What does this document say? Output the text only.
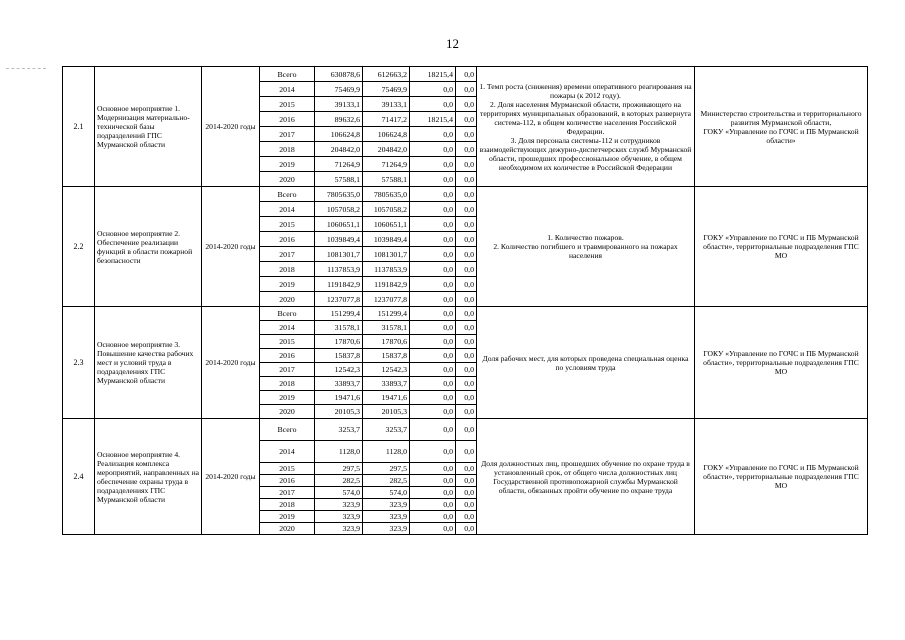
12
2.1	Основное мероприятие 1. Модернизация материально-технической базы подразделений ГПС Мурманской области	2014-2020 годы	Всего	630878,6	612663,2	18215,4	0,0	1. Темп роста (снижения) времени оперативного реагирования на пожары (к 2012 году).
2. Доля населения Мурманской области, проживающего на территориях муниципальных образований, в которых развернута система-112, в общем количестве населения Российской Федерации.
3. Доля персонала системы-112 и сотрудников взаимодействующих дежурно-диспетчерских служб Мурманской области, прошедших профессиональное обучение, в общем необходимом их количестве в Российской Федерации	Министерство строительства и территориального развития Мурманской области,
ГОКУ «Управление по ГОЧС и ПБ Мурманской области»

			2014	75469,9	75469,9	0,0	0,0		
			2015	39133,1	39133,1	0,0	0,0		
			2016	89632,6	71417,2	18215,4	0,0		
			2017	106624,8	106624,8	0,0	0,0		
			2018	204842,0	204842,0	0,0	0,0		
			2019	71264,9	71264,9	0,0	0,0		
			2020	57588,1	57588,1	0,0	0,0		
2.2	Основное мероприятие 2. Обеспечение реализации функций в области пожарной безопасности	2014-2020 годы	Всего	7805635,0	7805635,0	0,0	0,0	1. Количество пожаров.
2. Количество погибшего и травмированного на пожарах населения	ГОКУ «Управление по ГОЧС и ПБ Мурманской области», территориальные подразделения ГПС МО

			2014	1057058,2	1057058,2	0,0	0,0		
			2015	1060651,1	1060651,1	0,0	0,0		
			2016	1039849,4	1039849,4	0,0	0,0		
			2017	1081301,7	1081301,7	0,0	0,0		
			2018	1137853,9	1137853,9	0,0	0,0		
			2019	1191842,9	1191842,9	0,0	0,0		
			2020	1237077,8	1237077,8	0,0	0,0		
2.3	Основное мероприятие 3. Повышение качества рабочих мест и условий труда в подразделениях ГПС Мурманской области	2014-2020 годы	Всего	151299,4	151299,4	0,0	0,0	Доля рабочих мест, для которых проведена специальная оценка по условиям труда	ГОКУ «Управление по ГОЧС и ПБ Мурманской области», территориальные подразделения ГПС МО

			2014	31578,1	31578,1	0,0	0,0		
			2015	17870,6	17870,6	0,0	0,0		
			2016	15837,8	15837,8	0,0	0,0		
			2017	12542,3	12542,3	0,0	0,0		
			2018	33893,7	33893,7	0,0	0,0		
			2019	19471,6	19471,6	0,0	0,0		
			2020	20105,3	20105,3	0,0	0,0		
2.4	Основное мероприятие 4. Реализация комплекса мероприятий, направленных на обеспечение охраны труда в подразделениях ГПС Мурманской области	2014-2020 годы	Всего	3253,7	3253,7	0,0	0,0	Доля должностных лиц, прошедших обучение по охране труда в установленный срок, от общего числа должностных лиц Государственной противопожарной службы Мурманской области, обязанных пройти обучение по охране труда	ГОКУ «Управление по ГОЧС и ПБ Мурманской области», территориальные подразделения ГПС МО

			2014	1128,0	1128,0	0,0	0,0		
			2015	297,5	297,5	0,0	0,0		
			2016	282,5	282,5	0,0	0,0		
			2017	574,0	574,0	0,0	0,0		
			2018	323,9	323,9	0,0	0,0		
			2019	323,9	323,9	0,0	0,0		
			2020	323,9	323,9	0,0	0,0		
